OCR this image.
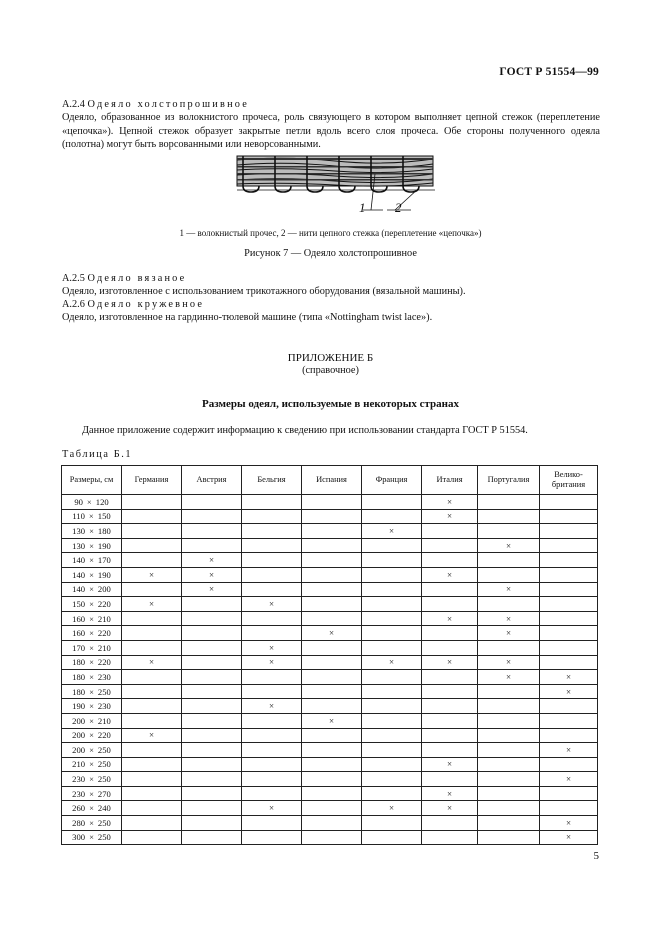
ГОСТ Р 51554—99
А.2.4 Одеяло холстопрошивное
Одеяло, образованное из волокнистого прочеса, роль связующего в котором выполняет цепной стежок (переплетение «цепочка»). Цепной стежок образует закрытые петли вдоль всего слоя прочеса. Обе стороны полученного одеяла (полотна) могут быть ворсованными или неворсованными.
1 2
1 — волокнистый прочес, 2 — нити цепного стежка (переплетение «цепочка»)
Рисунок 7 — Одеяло холстопрошивное
А.2.5 Одеяло вязаное
Одеяло, изготовленное с использованием трикотажного оборудования (вязальной машины).
А.2.6 Одеяло кружевное
Одеяло, изготовленное на гардинно-тюлевой машине (типа «Nottingham twist lace»).
ПРИЛОЖЕНИЕ Б
(справочное)
Размеры одеял, используемые в некоторых странах
Данное приложение содержит информацию к сведению при использовании стандарта ГОСТ Р 51554.
Таблица Б.1
Размеры, см	Германия	Австрия	Бельгия	Испания	Франция	Италия	Португалия	Велико-британия
90 × 120						×		
110 × 150						×		
130 × 180					×			
130 × 190							×	
140 × 170		×						
140 × 190	×	×				×		
140 × 200		×					×	
150 × 220	×		×					
160 × 210						×	×	
160 × 220				×			×	
170 × 210			×					
180 × 220	×		×		×	×	×	
180 × 230							×	×
180 × 250								×
190 × 230			×					
200 × 210				×				
200 × 220	×							
200 × 250								×
210 × 250						×		
230 × 250								×
230 × 270						×		
260 × 240			×		×	×		
280 × 250								×
300 × 250								×
5
